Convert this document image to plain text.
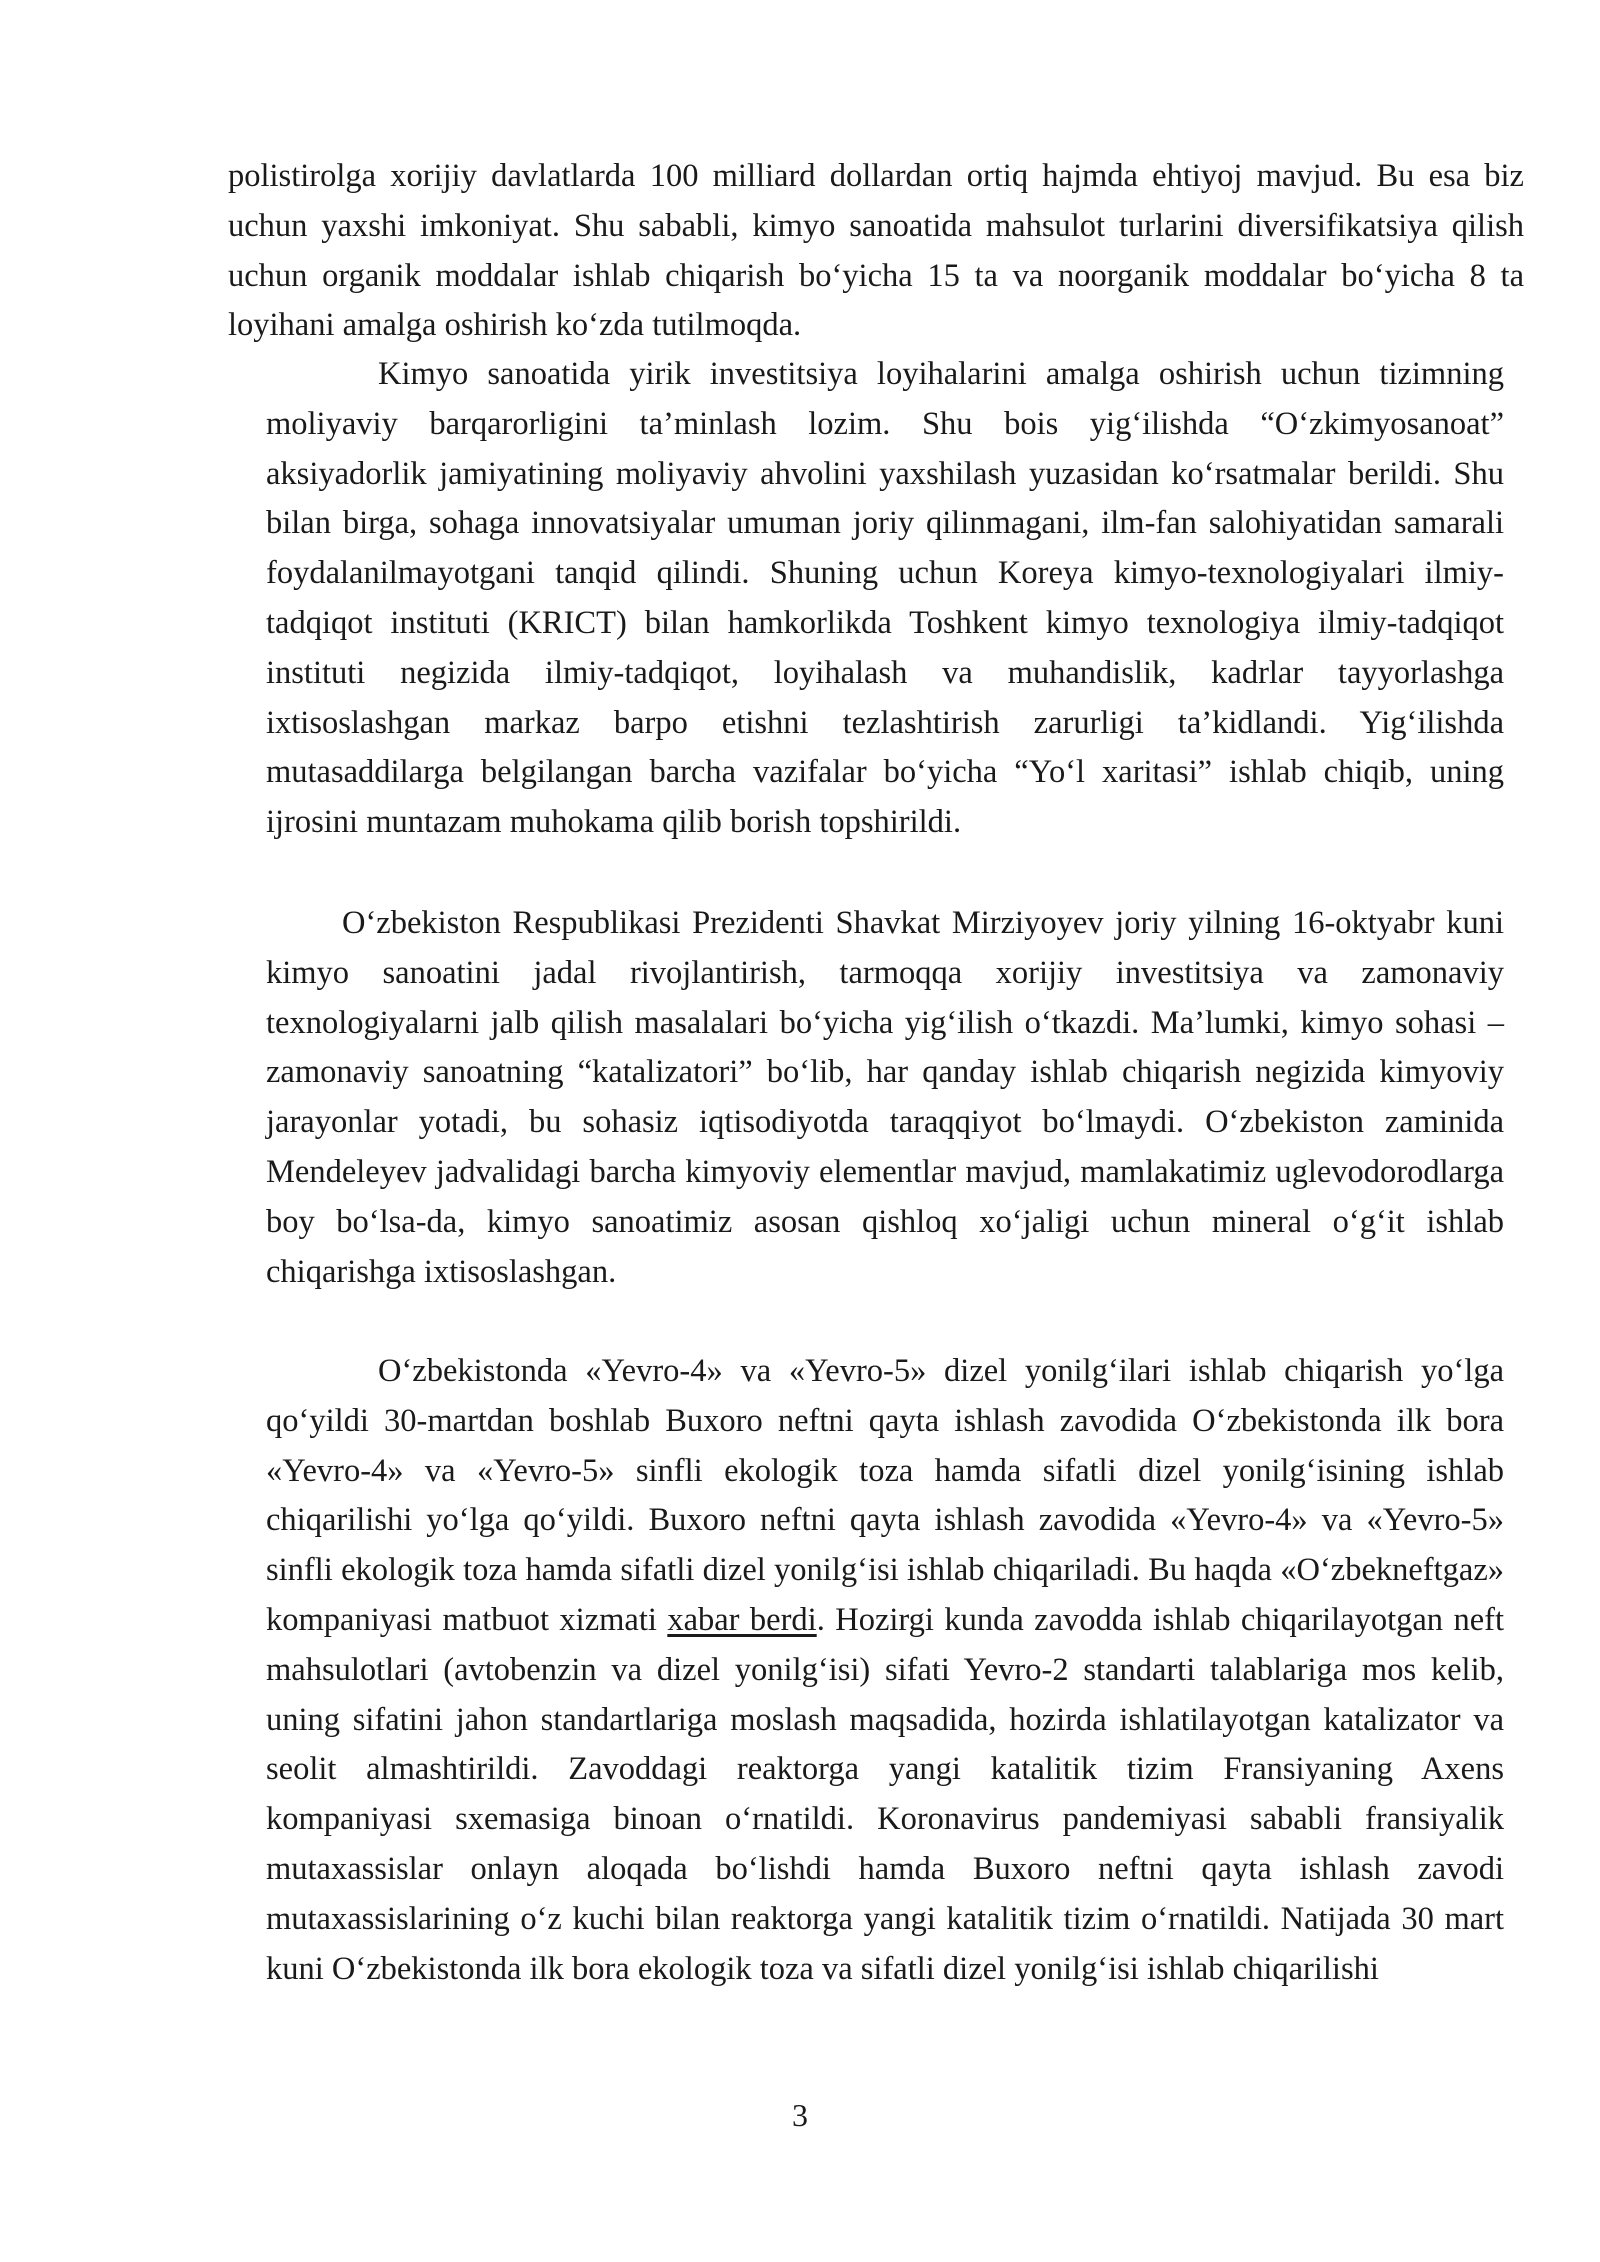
polistirolga xorijiy davlatlarda 100 milliard dollardan ortiq hajmda ehtiyoj mavjud. Bu esa biz uchun yaxshi imkoniyat. Shu sababli, kimyo sanoatida mahsulot turlarini diversifikatsiya qilish uchun organik moddalar ishlab chiqarish bo‘yicha 15 ta va noorganik moddalar bo‘yicha 8 ta loyihani amalga oshirish ko‘zda tutilmoqda.

Kimyo sanoatida yirik investitsiya loyihalarini amalga oshirish uchun tizimning moliyaviy barqarorligini ta’minlash lozim. Shu bois yig‘ilishda “O‘zkimyosanoat” aksiyadorlik jamiyatining moliyaviy ahvolini yaxshilash yuzasidan ko‘rsatmalar berildi. Shu bilan birga, sohaga innovatsiyalar umuman joriy qilinmagani, ilm-fan salohiyatidan samarali foydalanilmayotgani tanqid qilindi. Shuning uchun Koreya kimyo-texnologiyalari ilmiy-tadqiqot instituti (KRICT) bilan hamkorlikda Toshkent kimyo texnologiya ilmiy-tadqiqot instituti negizida ilmiy-tadqiqot, loyihalash va muhandislik, kadrlar tayyorlashga ixtisoslashgan markaz barpo etishni tezlashtirish zarurligi ta’kidlandi. Yig‘ilishda mutasaddilarga belgilangan barcha vazifalar bo‘yicha “Yo‘l xaritasi” ishlab chiqib, uning ijrosini muntazam muhokama qilib borish topshirildi.

O‘zbekiston Respublikasi Prezidenti Shavkat Mirziyoyev joriy yilning 16-oktyabr kuni kimyo sanoatini jadal rivojlantirish, tarmoqqa xorijiy investitsiya va zamonaviy texnologiyalarni jalb qilish masalalari bo‘yicha yig‘ilish o‘tkazdi. Ma’lumki, kimyo sohasi – zamonaviy sanoatning “katalizatori” bo‘lib, har qanday ishlab chiqarish negizida kimyoviy jarayonlar yotadi, bu sohasiz iqtisodiyotda taraqqiyot bo‘lmaydi. O‘zbekiston zaminida Mendeleyev jadvalidagi barcha kimyoviy elementlar mavjud, mamlakatimiz uglevodorodlarga boy bo‘lsa-da, kimyo sanoatimiz asosan qishloq xo‘jaligi uchun mineral o‘g‘it ishlab chiqarishga ixtisoslashgan.

O‘zbekistonda «Yevro-4» va «Yevro-5» dizel yonilg‘ilari ishlab chiqarish yo‘lga qo‘yildi 30-martdan boshlab Buxoro neftni qayta ishlash zavodida O‘zbekistonda ilk bora «Yevro-4» va «Yevro-5» sinfli ekologik toza hamda sifatli dizel yonilg‘isining ishlab chiqarilishi yo‘lga qo‘yildi. Buxoro neftni qayta ishlash zavodida «Yevro-4» va «Yevro-5» sinfli ekologik toza hamda sifatli dizel yonilg‘isi ishlab chiqariladi. Bu haqda «O‘zbekneftgaz» kompaniyasi matbuot xizmati xabar berdi. Hozirgi kunda zavodda ishlab chiqarilayotgan neft mahsulotlari (avtobenzin va dizel yonilg‘isi) sifati Yevro-2 standarti talablariga mos kelib, uning sifatini jahon standartlariga moslash maqsadida, hozirda ishlatilayotgan katalizator va seolit almashtirildi. Zavoddagi reaktorga yangi katalitik tizim Fransiyaning Axens kompaniyasi sxemasiga binoan o‘rnatildi. Koronavirus pandemiyasi sababli fransiyalik mutaxassislar onlayn aloqada bo‘lishdi hamda Buxoro neftni qayta ishlash zavodi mutaxassislarining o‘z kuchi bilan reaktorga yangi katalitik tizim o‘rnatildi. Natijada 30 mart kuni O‘zbekistonda ilk bora ekologik toza va sifatli dizel yonilg‘isi ishlab chiqarilishi

3
